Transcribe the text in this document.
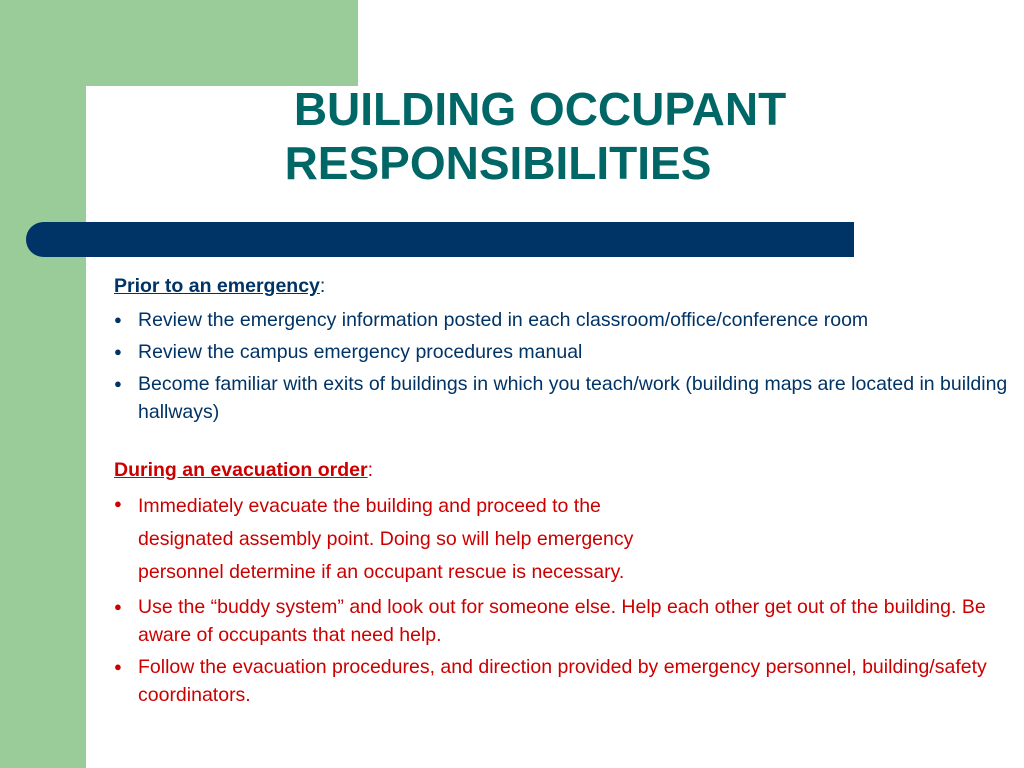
BUILDING OCCUPANT
RESPONSIBILITIES

Prior to an emergency:

● Review the emergency information posted in each classroom/office/conference room
● Review the campus emergency procedures manual
● Become familiar with exits of buildings in which you teach/work (building maps are located in building hallways)

During an evacuation order:

● Immediately evacuate the building and proceed to the
designated assembly point. Doing so will help emergency
personnel determine if an occupant rescue is necessary.
● Use the “buddy system” and look out for someone else. Help each other get out of the building. Be aware of occupants that need help.
● Follow the evacuation procedures, and direction provided by emergency personnel, building/safety coordinators.
